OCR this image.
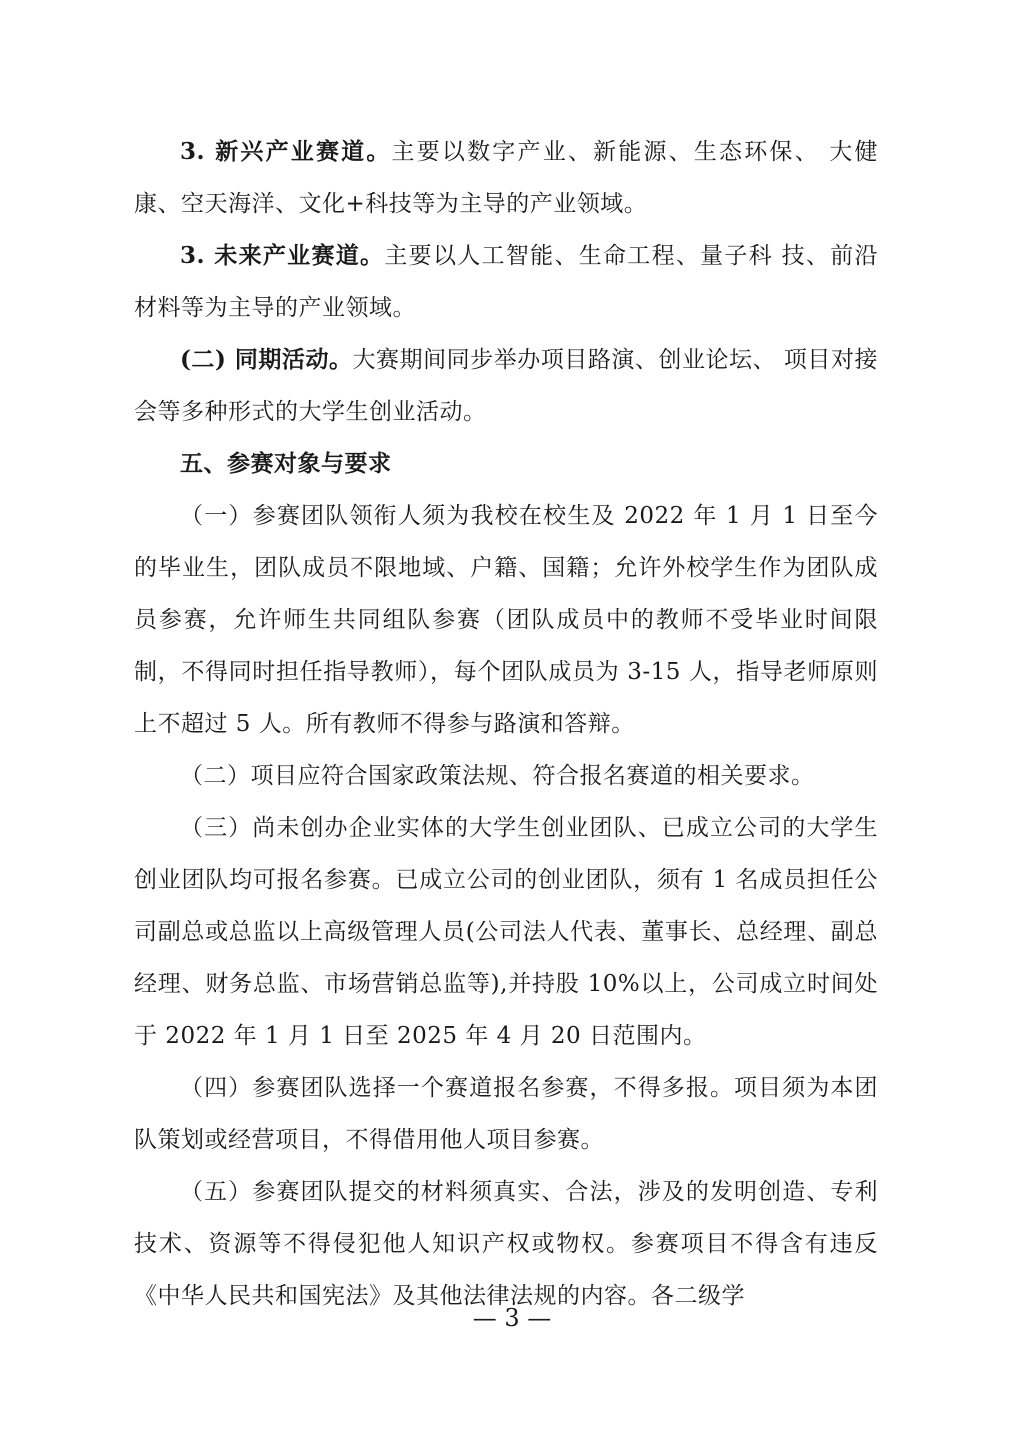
3. 新兴产业赛道。主要以数字产业、新能源、生态环保、 大健康、空天海洋、文化+科技等为主导的产业领域。

3. 未来产业赛道。主要以人工智能、生命工程、量子科 技、前沿材料等为主导的产业领域。

(二) 同期活动。大赛期间同步举办项目路演、创业论坛、 项目对接会等多种形式的大学生创业活动。

五、参赛对象与要求

（一）参赛团队领衔人须为我校在校生及 2022 年 1 月 1 日至今的毕业生，团队成员不限地域、户籍、国籍；允许外校学生作为团队成员参赛，允许师生共同组队参赛（团队成员中的教师不受毕业时间限制，不得同时担任指导教师），每个团队成员为 3-15 人，指导老师原则上不超过 5 人。所有教师不得参与路演和答辩。

（二）项目应符合国家政策法规、符合报名赛道的相关要求。

（三）尚未创办企业实体的大学生创业团队、已成立公司的大学生创业团队均可报名参赛。已成立公司的创业团队，须有 1 名成员担任公司副总或总监以上高级管理人员(公司法人代表、董事长、总经理、副总经理、财务总监、市场营销总监等),并持股 10%以上，公司成立时间处于 2022 年 1 月 1 日至 2025 年 4 月 20 日范围内。

（四）参赛团队选择一个赛道报名参赛，不得多报。项目须为本团队策划或经营项目，不得借用他人项目参赛。

（五）参赛团队提交的材料须真实、合法，涉及的发明创造、专利技术、资源等不得侵犯他人知识产权或物权。参赛项目不得含有违反《中华人民共和国宪法》及其他法律法规的内容。各二级学

— 3 —
